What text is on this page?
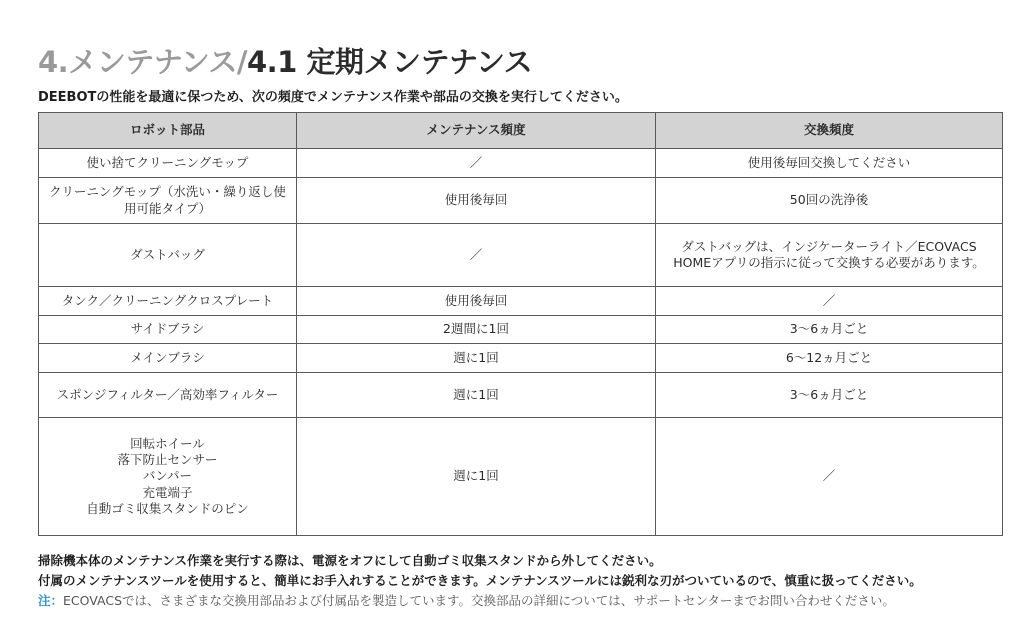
4.メンテナンス/4.1 定期メンテナンス

DEEBOTの性能を最適に保つため、次の頻度でメンテナンス作業や部品の交換を実行してください。

ロボット部品	メンテナンス頻度	交換頻度
使い捨てクリーニングモップ	／	使用後毎回交換してください
クリーニングモップ（水洗い・繰り返し使用可能タイプ）	使用後毎回	50回の洗浄後
ダストバッグ	／	ダストバッグは、インジケーターライト／ECOVACS HOMEアプリの指示に従って交換する必要があります。
タンク／クリーニングクロスプレート	使用後毎回	／
サイドブラシ	2週間に1回	3〜6ヵ月ごと
メインブラシ	週に1回	6〜12ヵ月ごと
スポンジフィルター／高効率フィルター	週に1回	3〜6ヵ月ごと

回転ホイール
落下防止センサー
バンパー
充電端子
自動ゴミ収集スタンドのピン	週に1回	／
掃除機本体のメンテナンス作業を実行する際は、電源をオフにして自動ゴミ収集スタンドから外してください。
付属のメンテナンスツールを使用すると、簡単にお手入れすることができます。メンテナンスツールには鋭利な刃がついているので、慎重に扱ってください。
注：ECOVACSでは、さまざまな交換用部品および付属品を製造しています。交換部品の詳細については、サポートセンターまでお問い合わせください。
